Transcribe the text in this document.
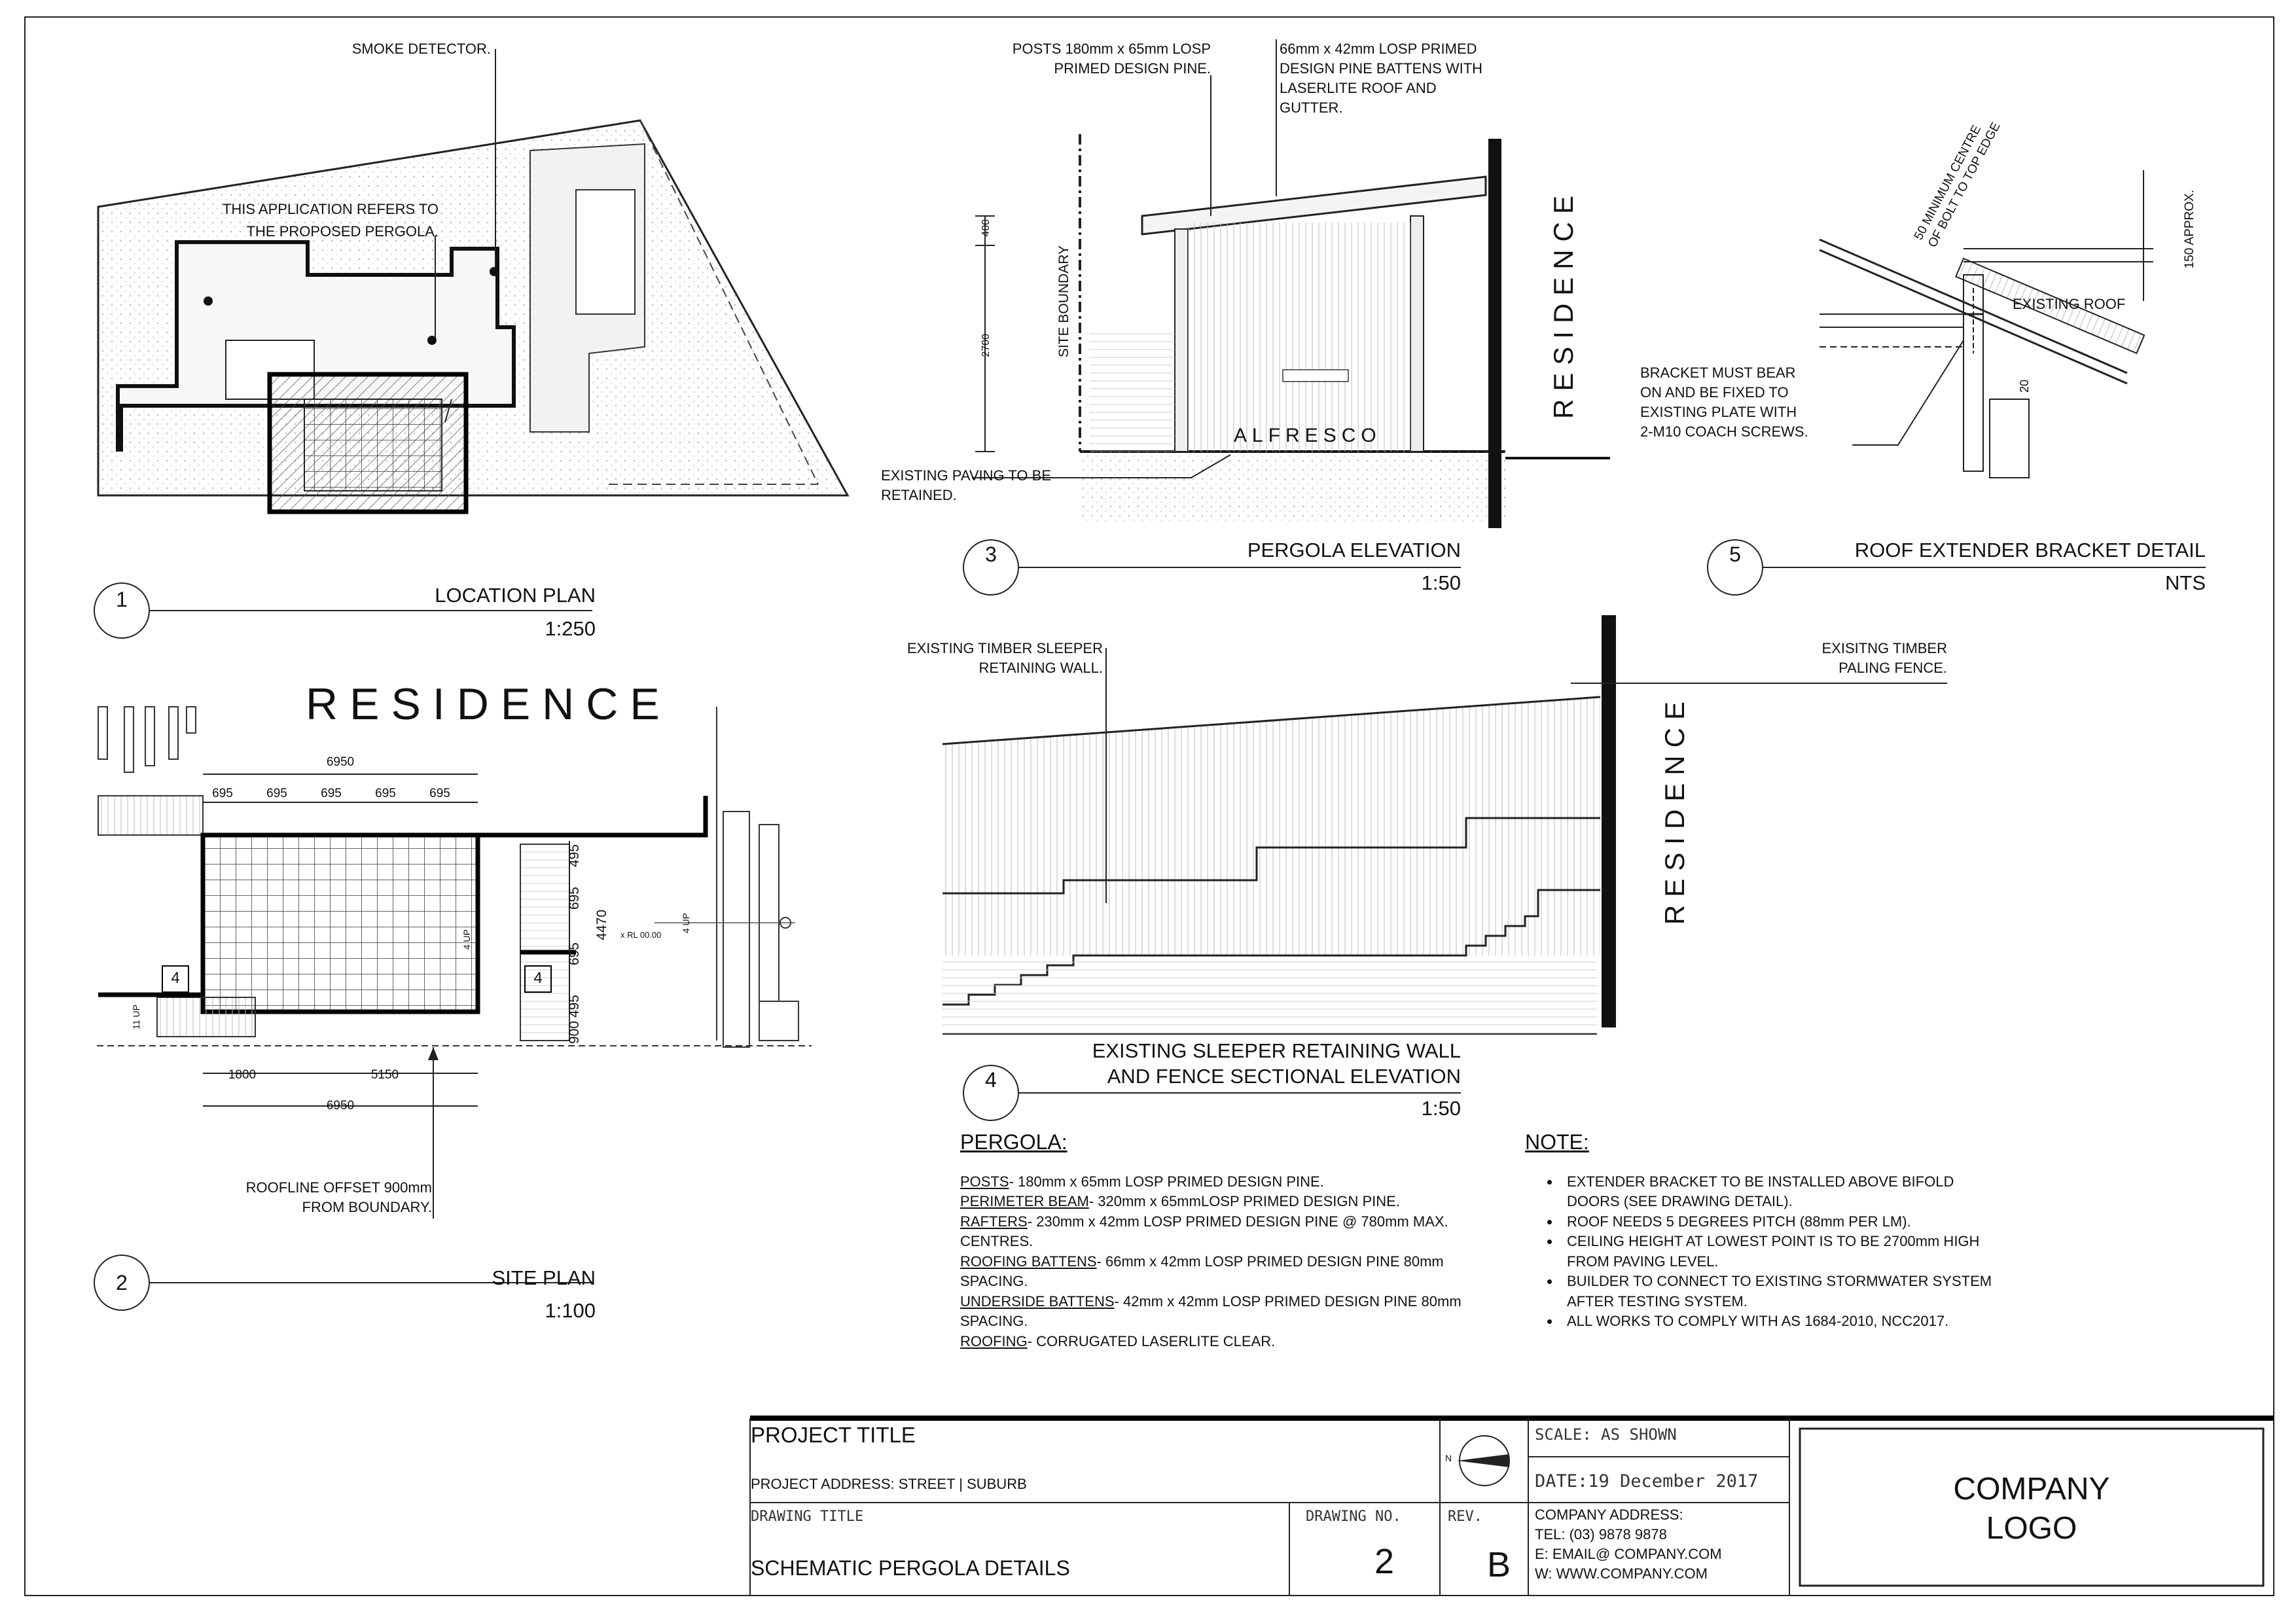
SMOKE DETECTOR.
THIS APPLICATION REFERS TO
THE PROPOSED PERGOLA.
1	LOCATION PLAN
1:250
RESIDENCE
6950
695	695	695	695	695
495
695
4470
695
495
900
x RL 00.00
4 UP
4 UP
11 UP
4	4
1800	5150
6950
ROOFLINE OFFSET 900mm
FROM BOUNDARY.
2	SITE PLAN
1:100
POSTS 180mm x 65mm LOSP
PRIMED DESIGN PINE.
66mm x 42mm LOSP PRIMED
DESIGN PINE BATTENS WITH
LASERLITE ROOF AND
GUTTER.
SITE BOUNDARY
400
2700
ALFRESCO
RESIDENCE
EXISTING PAVING TO BE
RETAINED.
3	PERGOLA ELEVATION
1:50
50 MINIMUM CENTRE
OF BOLT TO TOP EDGE	150 APPROX.
EXISTING ROOF
BRACKET MUST BEAR
ON AND BE FIXED TO
EXISTING PLATE WITH
2-M10 COACH SCREWS.
20
5	ROOF EXTENDER BRACKET DETAIL
NTS
EXISTING TIMBER SLEEPER
RETAINING WALL.
EXISITNG TIMBER
PALING FENCE.
RESIDENCE
EXISTING SLEEPER RETAINING WALL
AND FENCE SECTIONAL ELEVATION
4
1:50
PERGOLA:

POSTS- 180mm x 65mm LOSP PRIMED DESIGN PINE.

PERIMETER BEAM- 320mm x 65mmLOSP PRIMED DESIGN PINE.

RAFTERS- 230mm x 42mm LOSP PRIMED DESIGN PINE @ 780mm MAX. CENTRES.

ROOFING BATTENS- 66mm x 42mm LOSP PRIMED DESIGN PINE 80mm SPACING.

UNDERSIDE BATTENS- 42mm x 42mm LOSP PRIMED DESIGN PINE 80mm SPACING.

ROOFING- CORRUGATED LASERLITE CLEAR.

NOTE:
• EXTENDER BRACKET TO BE INSTALLED ABOVE BIFOLD DOORS (SEE DRAWING DETAIL).
• ROOF NEEDS 5 DEGREES PITCH (88mm PER LM).
• CEILING HEIGHT AT LOWEST POINT IS TO BE 2700mm HIGH FROM PAVING LEVEL.
• BUILDER TO CONNECT TO EXISTING STORMWATER SYSTEM AFTER TESTING SYSTEM.
• ALL WORKS TO COMPLY WITH AS 1684-2010, NCC2017.
PROJECT TITLE
PROJECT ADDRESS: STREET | SUBURB
DRAWING TITLE
SCHEMATIC PERGOLA DETAILS
DRAWING NO.
2
REV.
B
N
SCALE: AS SHOWN
DATE:19 December 2017
COMPANY ADDRESS:
TEL: (03) 9878 9878
E: EMAIL@ COMPANY.COM
W: WWW.COMPANY.COM
COMPANY
LOGO
